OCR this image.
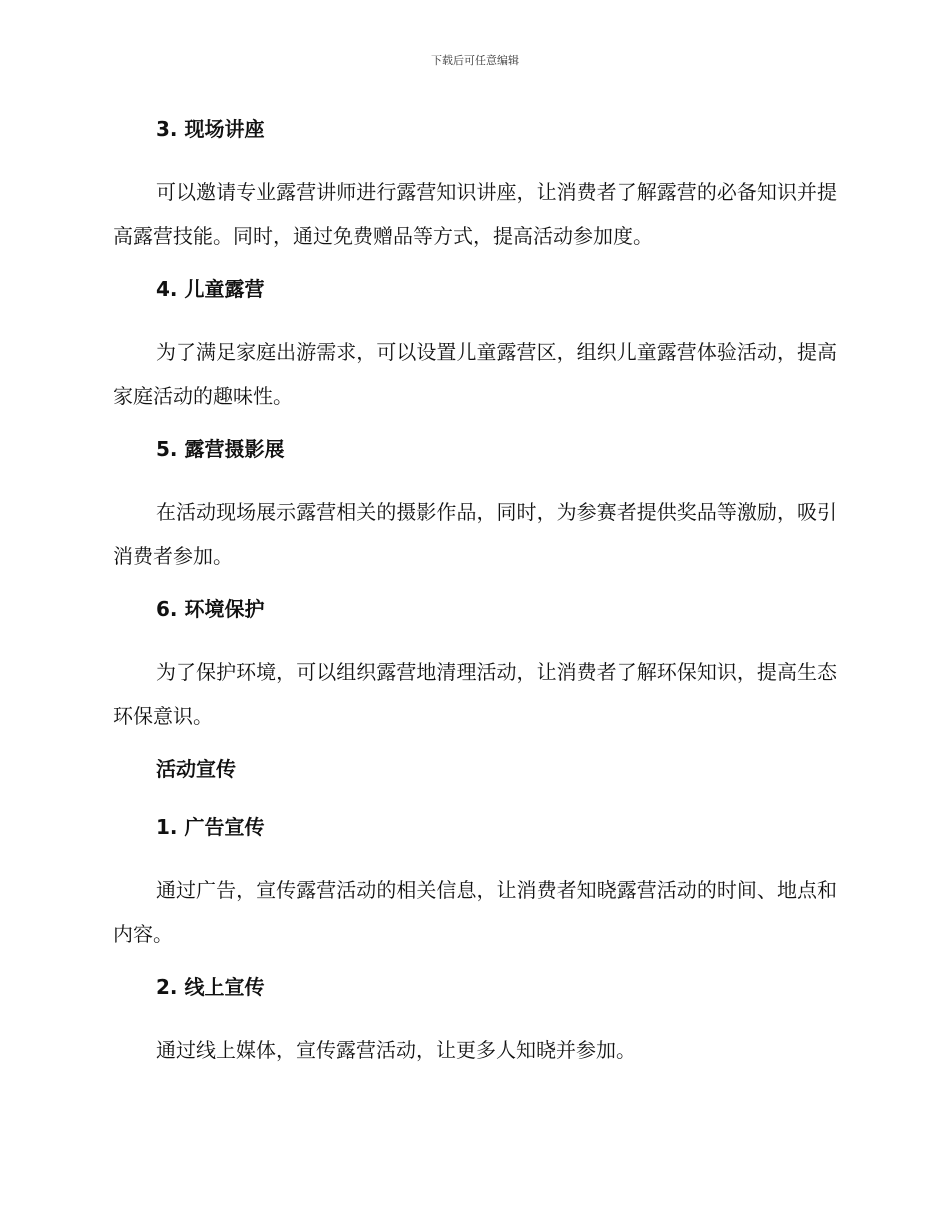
下载后可任意编辑

3. 现场讲座

可以邀请专业露营讲师进行露营知识讲座，让消费者了解露营的必备知识并提高露营技能。同时，通过免费赠品等方式，提高活动参加度。

4. 儿童露营

为了满足家庭出游需求，可以设置儿童露营区，组织儿童露营体验活动，提高家庭活动的趣味性。

5. 露营摄影展

在活动现场展示露营相关的摄影作品，同时，为参赛者提供奖品等激励，吸引消费者参加。

6. 环境保护

为了保护环境，可以组织露营地清理活动，让消费者了解环保知识，提高生态环保意识。

活动宣传

1. 广告宣传

通过广告，宣传露营活动的相关信息，让消费者知晓露营活动的时间、地点和内容。

2. 线上宣传

通过线上媒体，宣传露营活动，让更多人知晓并参加。
